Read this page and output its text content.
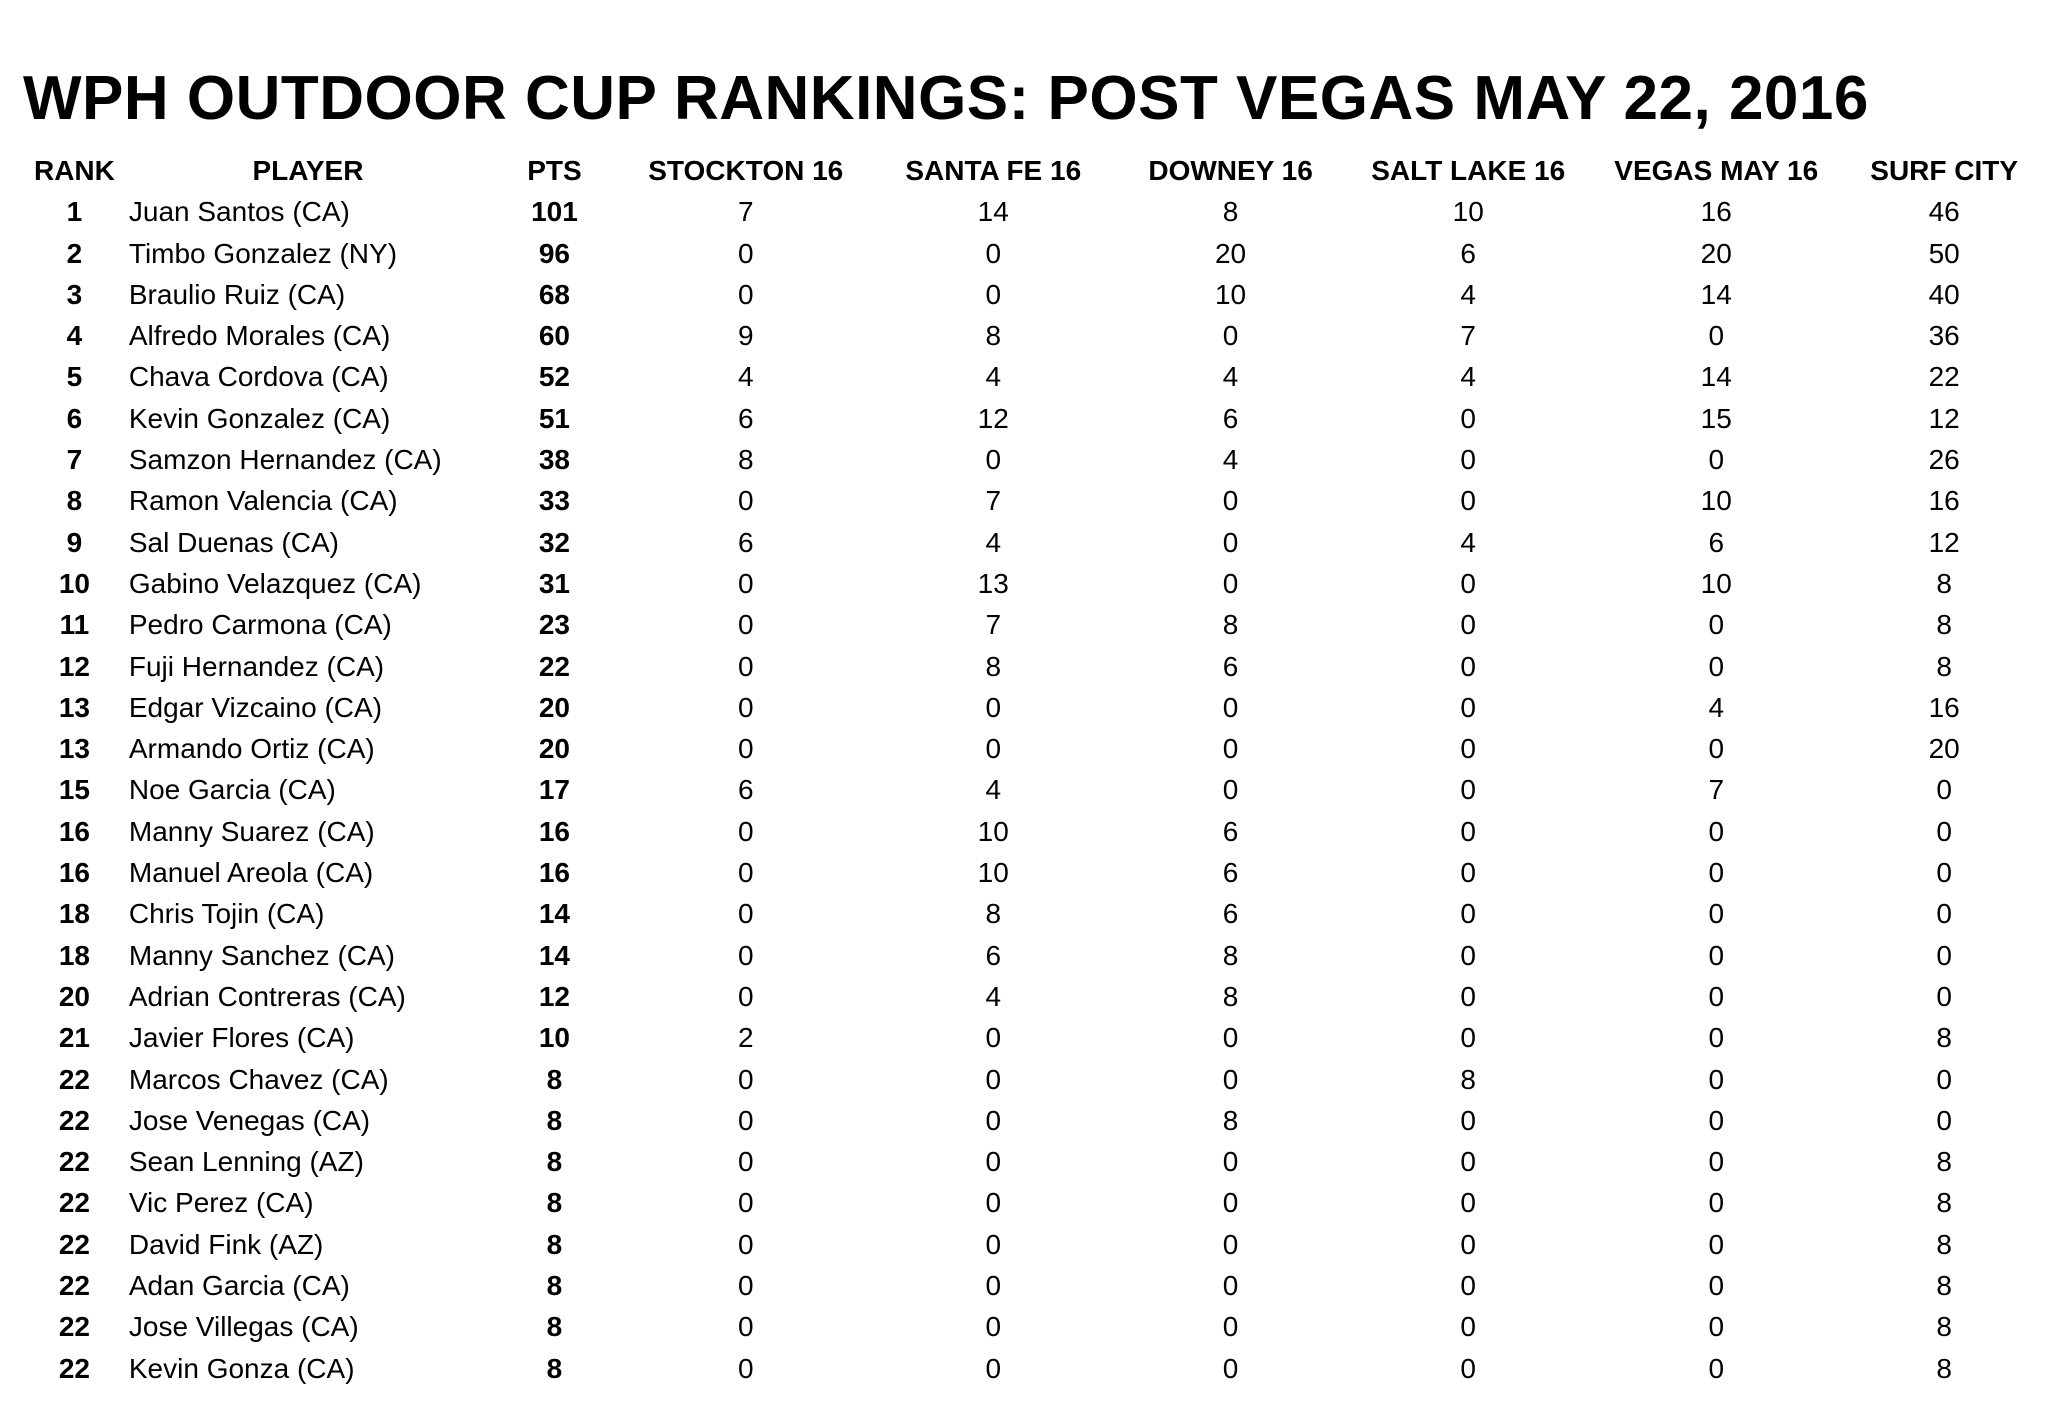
WPH OUTDOOR CUP RANKINGS: POST VEGAS MAY 22, 2016
RANK	PLAYER	PTS	STOCKTON 16	SANTA FE 16	DOWNEY 16	SALT LAKE 16	VEGAS MAY 16	SURF CITY
1	Juan Santos (CA)	101	7	14	8	10	16	46
2	Timbo Gonzalez (NY)	96	0	0	20	6	20	50
3	Braulio Ruiz (CA)	68	0	0	10	4	14	40
4	Alfredo Morales (CA)	60	9	8	0	7	0	36
5	Chava Cordova (CA)	52	4	4	4	4	14	22
6	Kevin Gonzalez (CA)	51	6	12	6	0	15	12
7	Samzon Hernandez (CA)	38	8	0	4	0	0	26
8	Ramon Valencia (CA)	33	0	7	0	0	10	16
9	Sal Duenas (CA)	32	6	4	0	4	6	12
10	Gabino Velazquez (CA)	31	0	13	0	0	10	8
11	Pedro Carmona (CA)	23	0	7	8	0	0	8
12	Fuji Hernandez (CA)	22	0	8	6	0	0	8
13	Edgar Vizcaino (CA)	20	0	0	0	0	4	16
13	Armando Ortiz (CA)	20	0	0	0	0	0	20
15	Noe Garcia (CA)	17	6	4	0	0	7	0
16	Manny Suarez (CA)	16	0	10	6	0	0	0
16	Manuel Areola (CA)	16	0	10	6	0	0	0
18	Chris Tojin (CA)	14	0	8	6	0	0	0
18	Manny Sanchez (CA)	14	0	6	8	0	0	0
20	Adrian Contreras (CA)	12	0	4	8	0	0	0
21	Javier Flores (CA)	10	2	0	0	0	0	8
22	Marcos Chavez (CA)	8	0	0	0	8	0	0
22	Jose Venegas (CA)	8	0	0	8	0	0	0
22	Sean Lenning (AZ)	8	0	0	0	0	0	8
22	Vic Perez (CA)	8	0	0	0	0	0	8
22	David Fink (AZ)	8	0	0	0	0	0	8
22	Adan Garcia (CA)	8	0	0	0	0	0	8
22	Jose Villegas (CA)	8	0	0	0	0	0	8
22	Kevin Gonza (CA)	8	0	0	0	0	0	8
